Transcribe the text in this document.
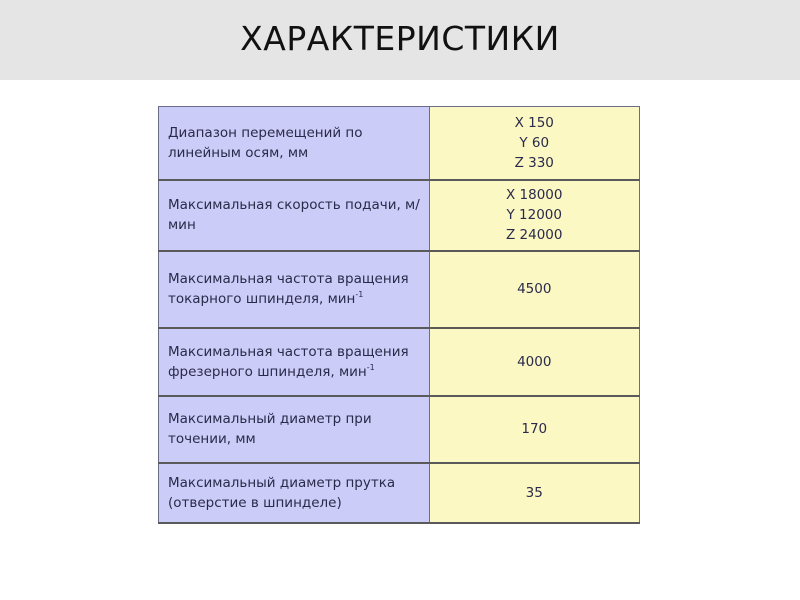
ХАРАКТЕРИСТИКИ
Диапазон перемещений по линейным осям, мм	X 150
Y 60
Z 330

Максимальная скорость подачи, м/мин	X 18000
Y 12000
Z 24000

Максимальная частота вращения токарного шпинделя, мин$^{-1}$	4500

Максимальная частота вращения фрезерного шпинделя, мин$^{-1}$	4000

Максимальный диаметр при точении, мм	170

Максимальный диаметр прутка (отверстие в шпинделе)	35
